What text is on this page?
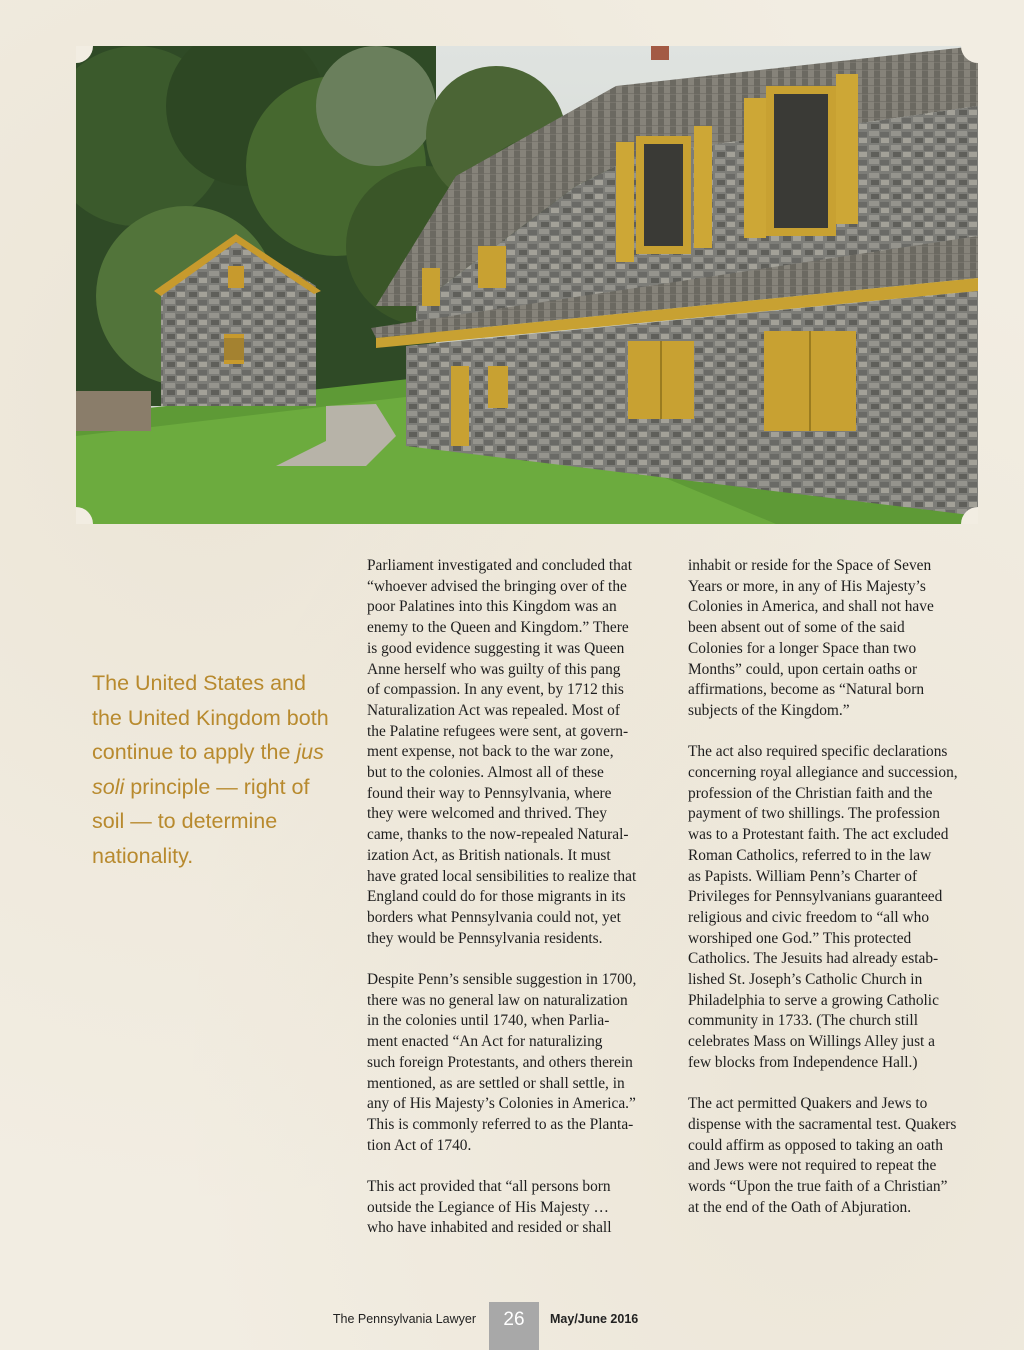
The United States and the United Kingdom both continue to apply the jus soli principle — right of soil — to determine nationality.

Parliament investigated and concluded that
“whoever advised the bringing over of the
poor Palatines into this Kingdom was an
enemy to the Queen and Kingdom.” There
is good evidence suggesting it was Queen
Anne herself who was guilty of this pang
of compassion. In any event, by 1712 this
Naturalization Act was repealed. Most of
the Palatine refugees were sent, at govern-
ment expense, not back to the war zone,
but to the colonies. Almost all of these
found their way to Pennsylvania, where
they were welcomed and thrived. They
came, thanks to the now-repealed Natural-
ization Act, as British nationals. It must
have grated local sensibilities to realize that
England could do for those migrants in its
borders what Pennsylvania could not, yet
they would be Pennsylvania residents.

Despite Penn’s sensible suggestion in 1700,
there was no general law on naturalization
in the colonies until 1740, when Parlia-
ment enacted “An Act for naturalizing
such foreign Protestants, and others therein
mentioned, as are settled or shall settle, in
any of His Majesty’s Colonies in America.”
This is commonly referred to as the Planta-
tion Act of 1740.

This act provided that “all persons born
outside the Legiance of His Majesty …
who have inhabited and resided or shall

inhabit or reside for the Space of Seven
Years or more, in any of His Majesty’s
Colonies in America, and shall not have
been absent out of some of the said
Colonies for a longer Space than two
Months” could, upon certain oaths or
affirmations, become as “Natural born
subjects of the Kingdom.”

The act also required specific declarations
concerning royal allegiance and succession,
profession of the Christian faith and the
payment of two shillings. The profession
was to a Protestant faith. The act excluded
Roman Catholics, referred to in the law
as Papists. William Penn’s Charter of
Privileges for Pennsylvanians guaranteed
religious and civic freedom to “all who
worshiped one God.” This protected
Catholics. The Jesuits had already estab-
lished St. Joseph’s Catholic Church in
Philadelphia to serve a growing Catholic
community in 1733. (The church still
celebrates Mass on Willings Alley just a
few blocks from Independence Hall.)

The act permitted Quakers and Jews to
dispense with the sacramental test. Quakers
could affirm as opposed to taking an oath
and Jews were not required to repeat the
words “Upon the true faith of a Christian”
at the end of the Oath of Abjuration.

The Pennsylvania Lawyer	26	May/June 2016
